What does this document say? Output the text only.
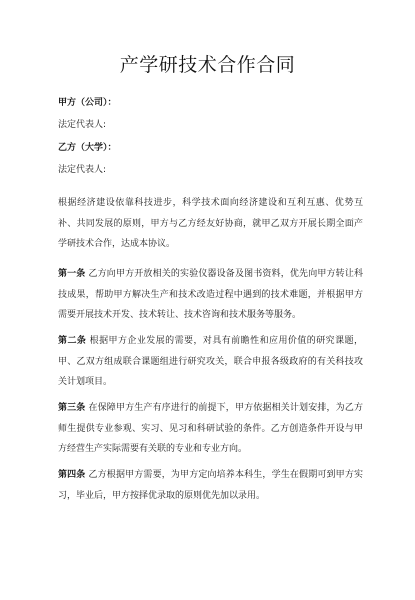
产学研技术合作合同
甲方（公司）：
法定代表人:
乙方（大学）：
法定代表人:
根据经济建设依靠科技进步，科学技术面向经济建设和互利互惠、优势互补、共同发展的原则，甲方与乙方经友好协商，就甲乙双方开展长期全面产学研技术合作，达成本协议。
第一条 乙方向甲方开放相关的实验仪器设备及图书资料，优先向甲方转让科技成果，帮助甲方解决生产和技术改造过程中遇到的技术难题，并根据甲方需要开展技术开发、技术转让、技术咨询和技术服务等服务。
第二条 根据甲方企业发展的需要，对具有前瞻性和应用价值的研究课题，甲、乙双方组成联合课题组进行研究攻关，联合申报各级政府的有关科技攻关计划项目。
第三条 在保障甲方生产有序进行的前提下，甲方依据相关计划安排，为乙方师生提供专业参观、实习、见习和科研试验的条件。乙方创造条件开设与甲方经营生产实际需要有关联的专业和专业方向。
第四条 乙方根据甲方需要，为甲方定向培养本科生，学生在假期可到甲方实习，毕业后，甲方按择优录取的原则优先加以录用。
